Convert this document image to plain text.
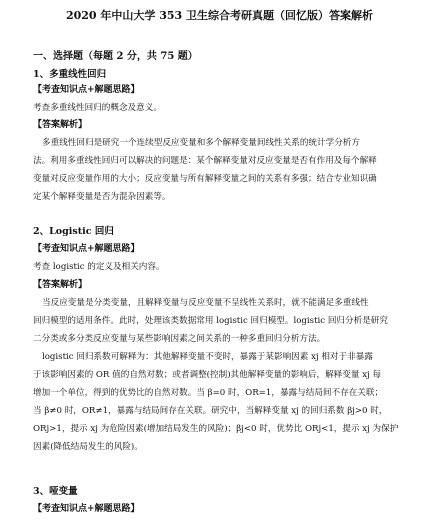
2020 年中山大学 353 卫生综合考研真题（回忆版）答案解析
一、选择题（每题 2 分，共 75 题）
1、多重线性回归
【考查知识点+解题思路】
考查多重线性回归的概念及意义。
【答案解析】
多重线性回归是研究一个连续型反应变量和多个解释变量间线性关系的统计学分析方
法。利用多重线性回归可以解决的问题是：某个解释变量对反应变量是否有作用及每个解释
变量对反应变量作用的大小；反应变量与所有解释变量之间的关系有多强；结合专业知识确
定某个解释变量是否为混杂因素等。
2、Logistic 回归
【考查知识点+解题思路】
考查 logistic 的定义及相关内容。
【答案解析】
当反应变量是分类变量，且解释变量与反应变量不呈线性关系时，就不能满足多重线性
回归模型的适用条件。此时，处理该类数据常用 logistic 回归模型。logistic 回归分析是研究
二分类或多分类反应变量与某些影响因素之间关系的一种多重回归分析方法。
logistic 回归系数可解释为：其他解释变量不变时，暴露于某影响因素 xj 相对于非暴露
于该影响因素的 OR 值的自然对数；或者调整(控制)其他解释变量的影响后，解释变量 xj 每
增加一个单位，得到的优势比的自然对数。当 β=0 时，OR=1，暴露与结局间不存在关联；
当 β≠0 时，OR≠1，暴露与结局间存在关联。研究中，当解释变量 xj 的回归系数 βj>0 时，
ORj>1，提示 xj 为危险因素(增加结局发生的风险)；βj<0 时，优势比 ORj<1，提示 xj 为保护
因素(降低结局发生的风险)。
3、哑变量
【考查知识点+解题思路】
